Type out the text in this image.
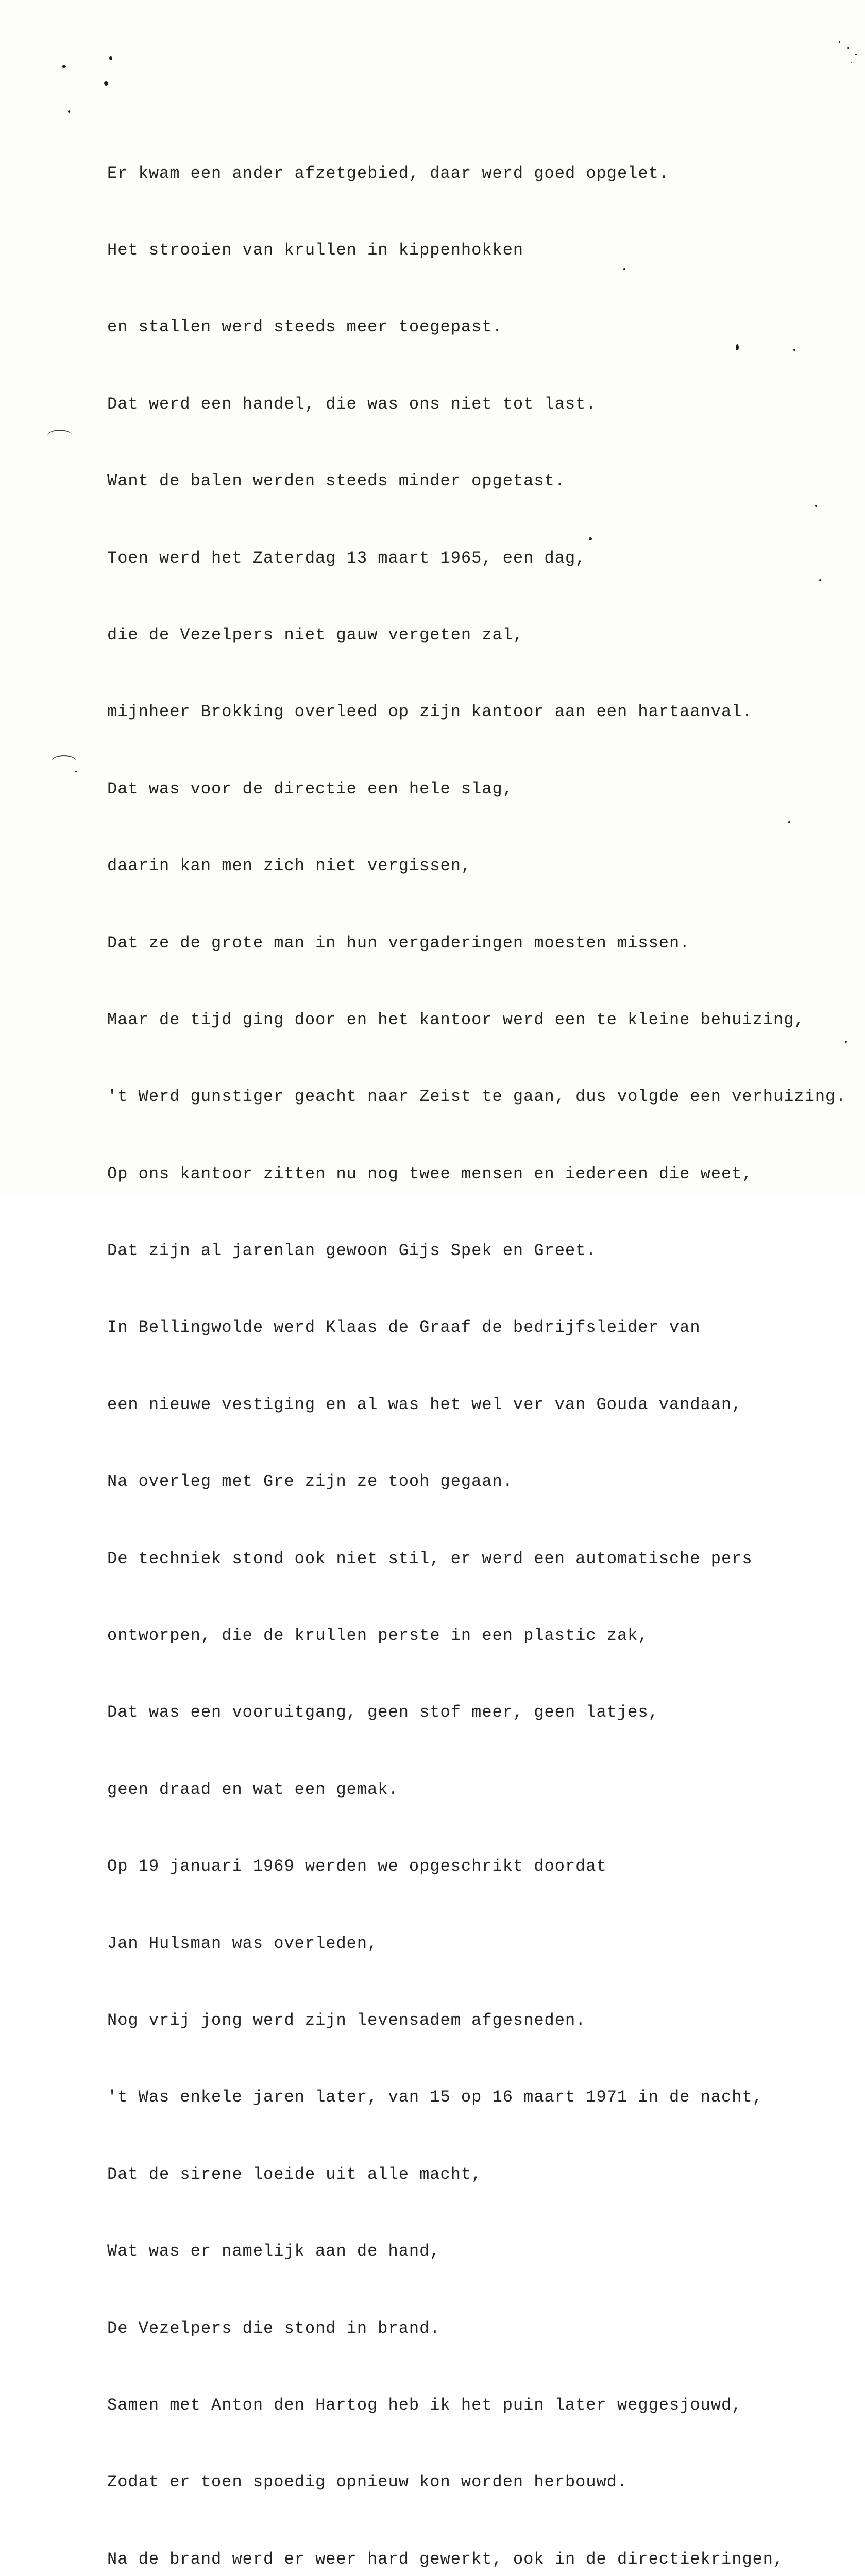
Er kwam een ander afzetgebied, daar werd goed opgelet.

Het strooien van krullen in kippenhokken

en stallen werd steeds meer toegepast.

Dat werd een handel, die was ons niet tot last.

Want de balen werden steeds minder opgetast.

Toen werd het Zaterdag 13 maart 1965, een dag,

die de Vezelpers niet gauw vergeten zal,

mijnheer Brokking overleed op zijn kantoor aan een hartaanval.

Dat was voor de directie een hele slag,

daarin kan men zich niet vergissen,

Dat ze de grote man in hun vergaderingen moesten missen.

Maar de tijd ging door en het kantoor werd een te kleine behuizing,

't Werd gunstiger geacht naar Zeist te gaan, dus volgde een verhuizing.

Op ons kantoor zitten nu nog twee mensen en iedereen die weet,

Dat zijn al jarenlan gewoon Gijs Spek en Greet.

In Bellingwolde werd Klaas de Graaf de bedrijfsleider van

een nieuwe vestiging en al was het wel ver van Gouda vandaan,

Na overleg met Gre zijn ze tooh gegaan.

De techniek stond ook niet stil, er werd een automatische pers

ontworpen, die de krullen perste in een plastic zak,

Dat was een vooruitgang, geen stof meer, geen latjes,

geen draad en wat een gemak.

Op 19 januari 1969 werden we opgeschrikt doordat

Jan Hulsman was overleden,

Nog vrij jong werd zijn levensadem afgesneden.

't Was enkele jaren later, van 15 op 16 maart 1971 in de nacht,

Dat de sirene loeide uit alle macht,

Wat was er namelijk aan de hand,

De Vezelpers die stond in brand.

Samen met Anton den Hartog heb ik het puin later weggesjouwd,

Zodat er toen spoedig opnieuw kon worden herbouwd.

Na de brand werd er weer hard gewerkt, ook in de directiekringen,
